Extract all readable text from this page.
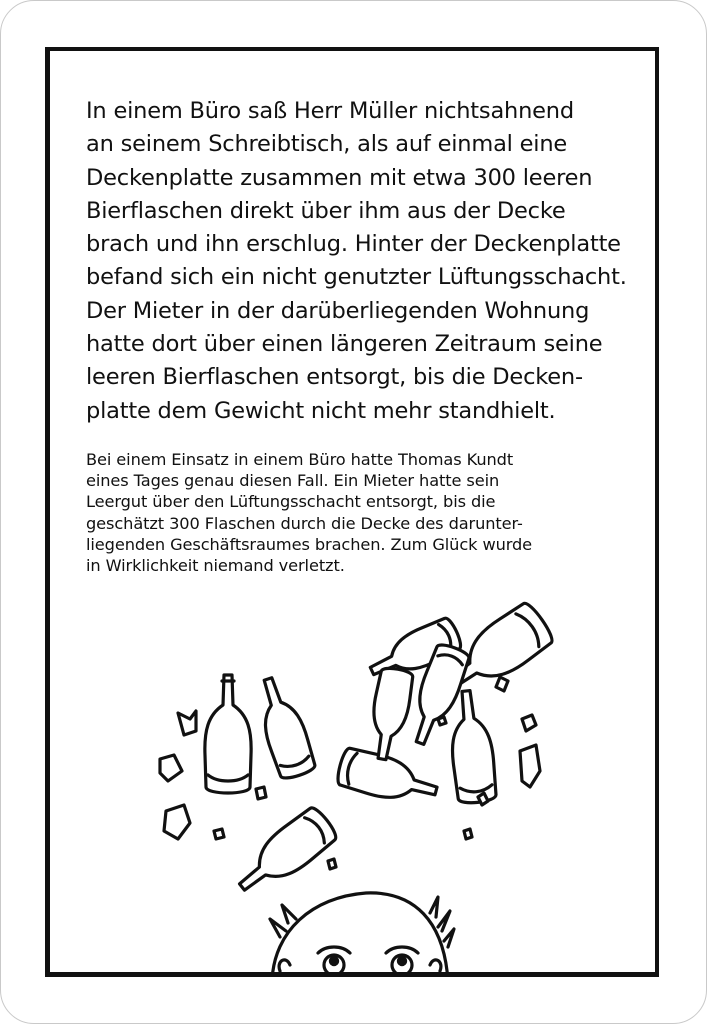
In einem Büro saß Herr Müller nichtsahnend
an seinem Schreibtisch, als auf einmal eine
Deckenplatte zusammen mit etwa 300 leeren
Bierflaschen direkt über ihm aus der Decke
brach und ihn erschlug. Hinter der Deckenplatte
befand sich ein nicht genutzter Lüftungsschacht.
Der Mieter in der darüberliegenden Wohnung
hatte dort über einen längeren Zeitraum seine
leeren Bierflaschen entsorgt, bis die Decken-
platte dem Gewicht nicht mehr standhielt.

Bei einem Einsatz in einem Büro hatte Thomas Kundt
eines Tages genau diesen Fall. Ein Mieter hatte sein
Leergut über den Lüftungsschacht entsorgt, bis die
geschätzt 300 Flaschen durch die Decke des darunter-
liegenden Geschäftsraumes brachen. Zum Glück wurde
in Wirklichkeit niemand verletzt.
